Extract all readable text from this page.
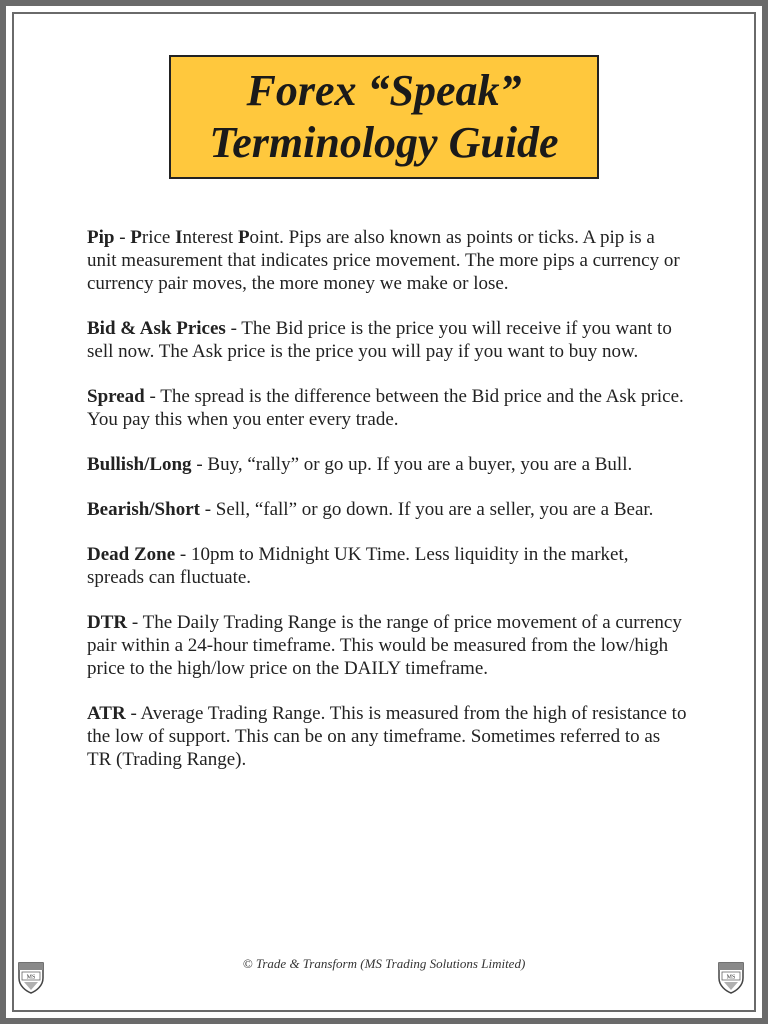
Forex “Speak”
Terminology Guide

Pip - Price Interest Point. Pips are also known as points or ticks. A pip is a unit measurement that indicates price movement. The more pips a currency or currency pair moves, the more money we make or lose.

Bid & Ask Prices - The Bid price is the price you will receive if you want to sell now. The Ask price is the price you will pay if you want to buy now.

Spread - The spread is the difference between the Bid price and the Ask price. You pay this when you enter every trade.

Bullish/Long - Buy, “rally” or go up. If you are a buyer, you are a Bull.

Bearish/Short - Sell, “fall” or go down. If you are a seller, you are a Bear.

Dead Zone - 10pm to Midnight UK Time. Less liquidity in the market, spreads can fluctuate.

DTR - The Daily Trading Range is the range of price movement of a currency pair within a 24-hour timeframe. This would be measured from the low/high price to the high/low price on the DAILY timeframe.

ATR - Average Trading Range. This is measured from the high of resistance to the low of support. This can be on any timeframe. Sometimes referred to as TR (Trading Range).

© Trade & Transform (MS Trading Solutions Limited)
MS	MS
